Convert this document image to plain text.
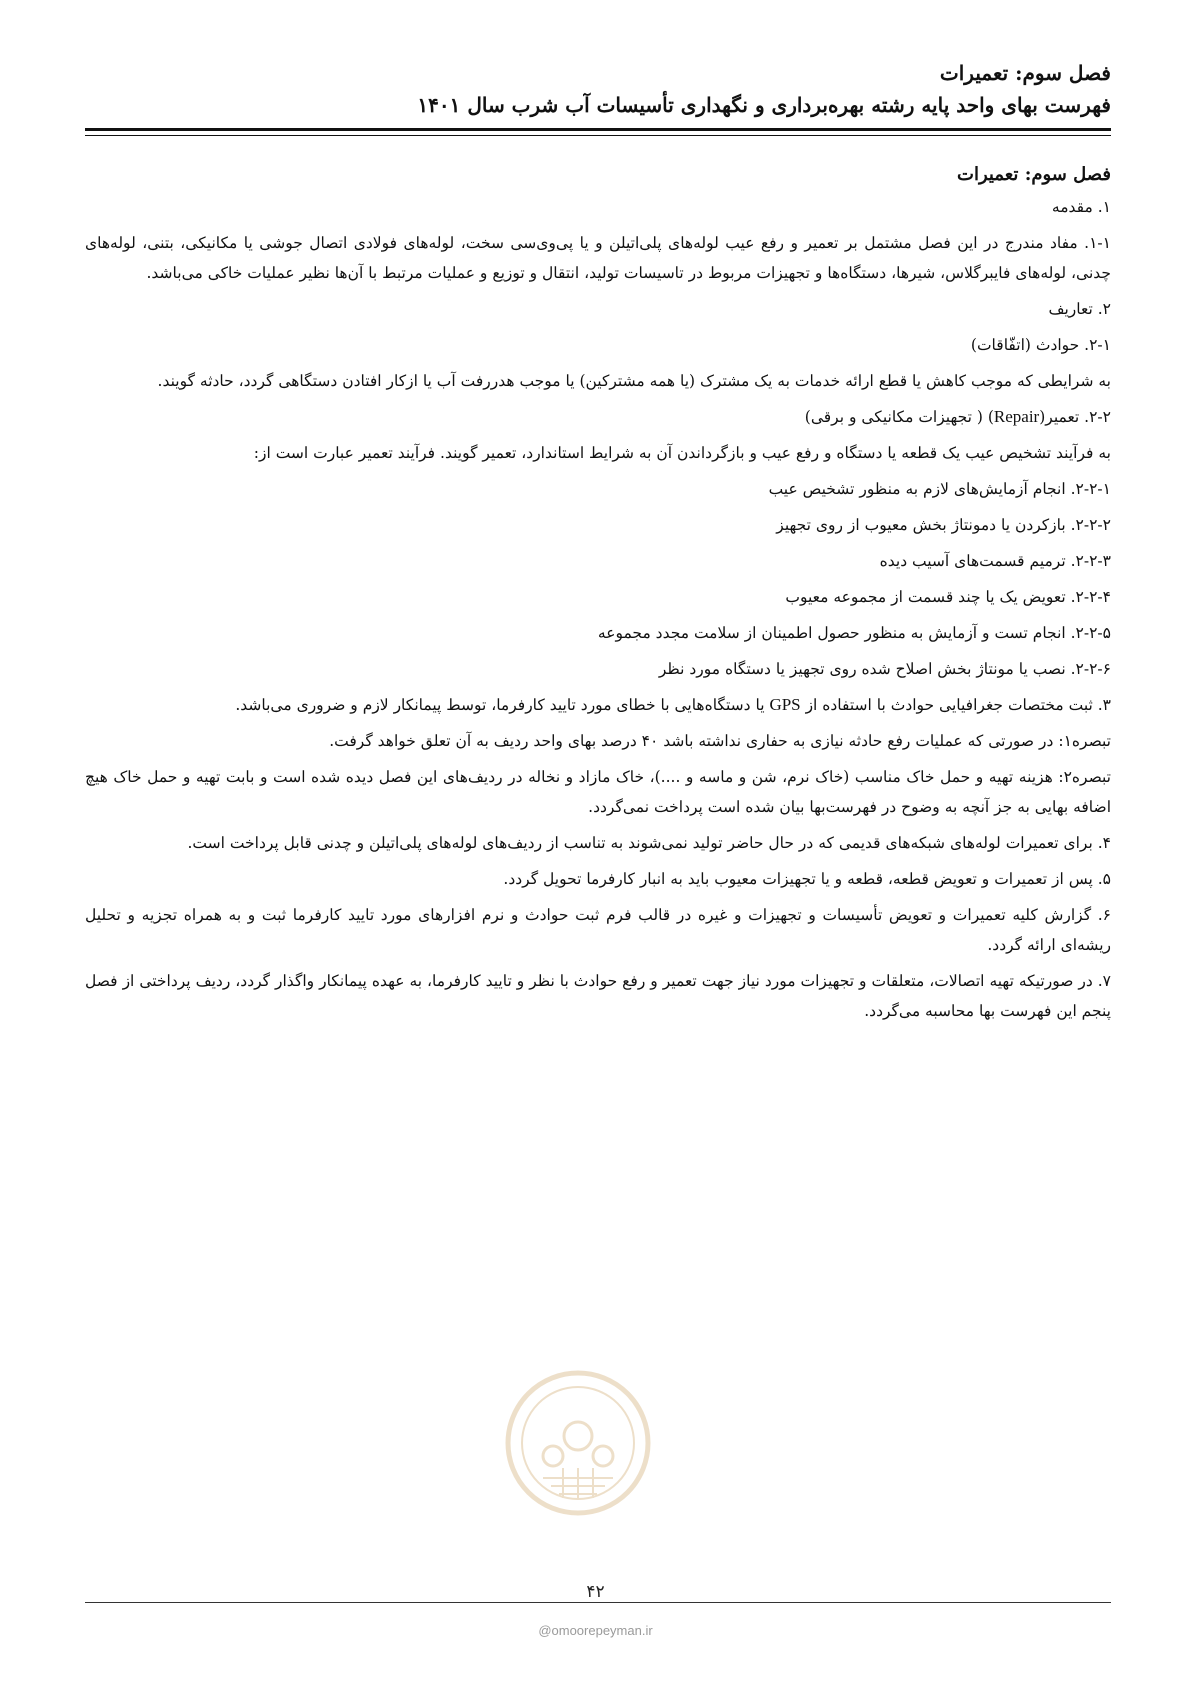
فصل سوم: تعمیرات
فهرست بهای واحد پایه رشته بهره‌برداری و نگهداری تأسیسات آب شرب سال ۱۴۰۱

فصل سوم: تعمیرات

۱. مقدمه

۱-۱. مفاد مندرج در این فصل مشتمل بر تعمیر و رفع عیب لوله‌های پلی‌اتیلن و یا پی‌وی‌سی سخت، لوله‌های فولادی اتصال جوشی یا مکانیکی، بتنی، لوله‌های چدنی، لوله‌های فایبرگلاس، شیرها، دستگاه‌ها و تجهیزات مربوط در تاسیسات تولید، انتقال و توزیع و عملیات مرتبط با آن‌ها نظیر عملیات خاکی می‌باشد.

۲. تعاریف

۲-۱. حوادث (اتفّاقات)

به شرایطی که موجب کاهش یا قطع ارائه خدمات به یک مشترک (یا همه مشترکین) یا موجب هدررفت آب یا ازکار افتادن دستگاهی گردد، حادثه گویند.

۲-۲. تعمیر(Repair) ( تجهیزات مکانیکی و برقی)

به فرآیند تشخیص عیب یک قطعه یا دستگاه و رفع عیب و بازگرداندن آن به شرایط استاندارد، تعمیر گویند. فرآیند تعمیر عبارت است از:

۲-۲-۱. انجام آزمایش‌های لازم به منظور تشخیص عیب

۲-۲-۲. بازکردن یا دمونتاژ بخش معیوب از روی تجهیز

۲-۲-۳. ترمیم قسمت‌های آسیب دیده

۲-۲-۴. تعویض یک یا چند قسمت از مجموعه معیوب

۲-۲-۵. انجام تست و آزمایش به منظور حصول اطمینان از سلامت مجدد مجموعه

۲-۲-۶. نصب یا مونتاژ بخش اصلاح شده روی تجهیز یا دستگاه مورد نظر

۳. ثبت مختصات جغرافیایی حوادث با استفاده از GPS یا دستگاه‌هایی با خطای مورد تایید کارفرما، توسط پیمانکار لازم و ضروری می‌باشد.

تبصره۱: در صورتی که عملیات رفع حادثه نیازی به حفاری نداشته باشد ۴۰ درصد بهای واحد ردیف به آن تعلق خواهد گرفت.

تبصره۲: هزینه تهیه و حمل خاک مناسب (خاک نرم، شن و ماسه و ....)، خاک مازاد و نخاله در ردیف‌های این فصل دیده شده است و بابت تهیه و حمل خاک هیچ اضافه بهایی به جز آنچه به وضوح در فهرست‌بها بیان شده است پرداخت نمی‌گردد.

۴. برای تعمیرات لوله‌های شبکه‌های قدیمی که در حال حاضر تولید نمی‌شوند به تناسب از ردیف‌های لوله‌های پلی‌اتیلن و چدنی قابل پرداخت است.

۵. پس از تعمیرات و تعویض قطعه، قطعه و یا تجهیزات معیوب باید به انبار کارفرما تحویل گردد.

۶. گزارش کلیه تعمیرات و تعویض تأسیسات و تجهیزات و غیره در قالب فرم ثبت حوادث و نرم افزارهای مورد تایید کارفرما ثبت و به همراه تجزیه و تحلیل ریشه‌ای ارائه گردد.

۷. در صورتیکه تهیه اتصالات، متعلقات و تجهیزات مورد نیاز جهت تعمیر و رفع حوادث با نظر و تایید کارفرما، به عهده پیمانکار واگذار گردد، ردیف پرداختی از فصل پنجم این فهرست بها محاسبه می‌گردد.

۴۲
@omoorepeyman.ir
